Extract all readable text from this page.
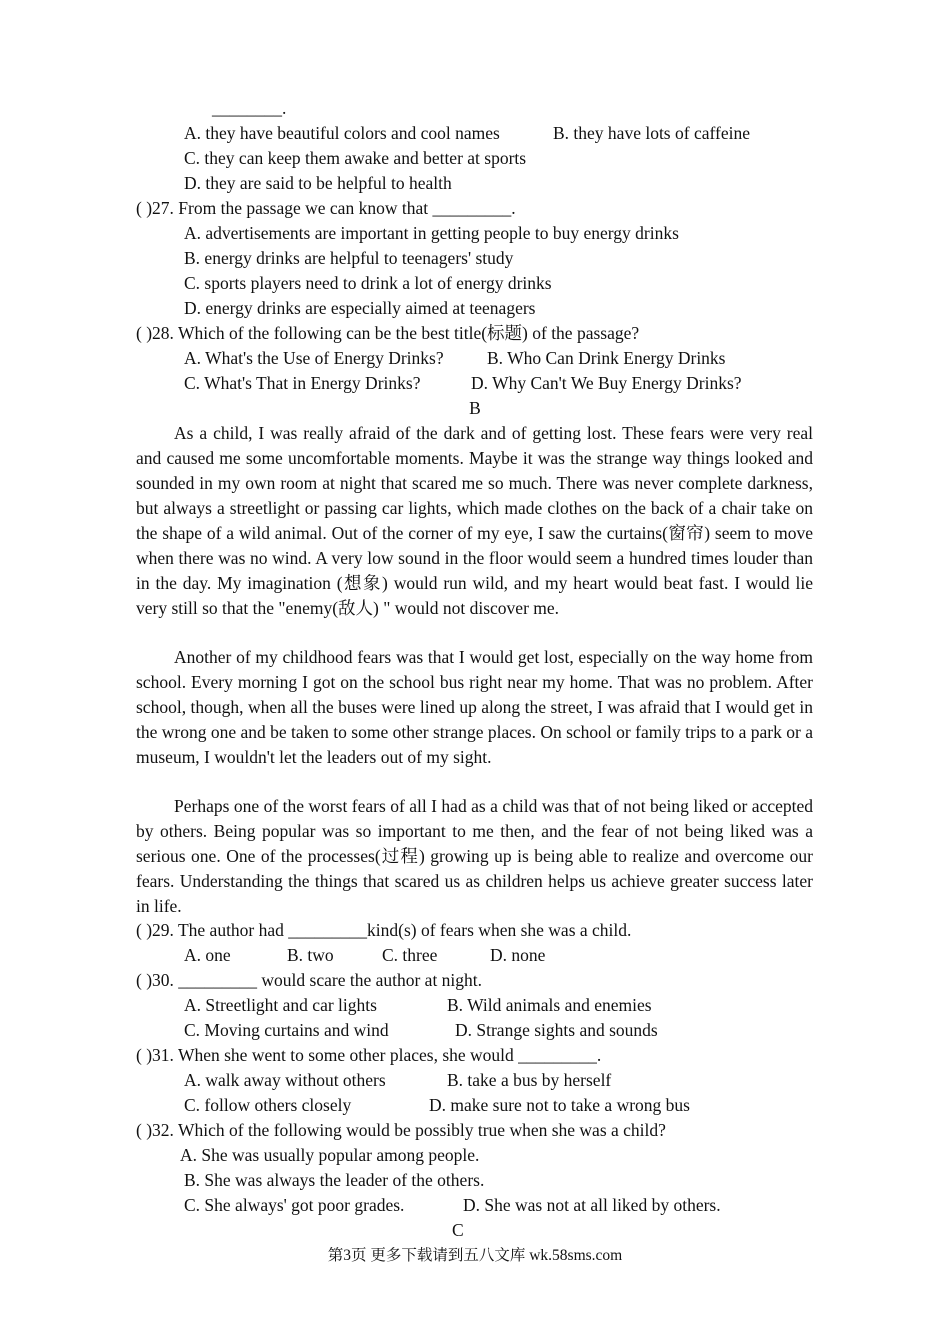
________.
A. they have beautiful colors and cool names	B. they have lots of caffeine
C. they can keep them awake and better at sports
D. they are said to be helpful to health
( )27. From the passage we can know that _________.
A. advertisements are important in getting people to buy energy drinks
B. energy drinks are helpful to teenagers' study
C. sports players need to drink a lot of energy drinks
D. energy drinks are especially aimed at teenagers
( )28. Which of the following can be the best title(标题) of the passage?
A. What's the Use of Energy Drinks? B. Who Can Drink Energy Drinks
C. What's That in Energy Drinks?	D. Why Can't We Buy Energy Drinks?
B

As a child, I was really afraid of the dark and of getting lost. These fears were very real and caused me some uncomfortable moments. Maybe it was the strange way things looked and sounded in my own room at night that scared me so much. There was never complete darkness, but always a streetlight or passing car lights, which made clothes on the back of a chair take on the shape of a wild animal. Out of the corner of my eye, I saw the curtains(窗帘) seem to move when there was no wind. A very low sound in the floor would seem a hundred times louder than in the day. My imagination (想象) would run wild, and my heart would beat fast. I would lie very still so that the "enemy(敌人) " would not discover me.

Another of my childhood fears was that I would get lost, especially on the way home from school. Every morning I got on the school bus right near my home. That was no problem. After school, though, when all the buses were lined up along the street, I was afraid that I would get in the wrong one and be taken to some other strange places. On school or family trips to a park or a museum, I wouldn't let the leaders out of my sight.

Perhaps one of the worst fears of all I had as a child was that of not being liked or accepted by others. Being popular was so important to me then, and the fear of not being liked was a serious one. One of the processes(过程) growing up is being able to realize and overcome our fears. Understanding the things that scared us as children helps us achieve greater success later in life.

( )29. The author had _________kind(s) of fears when she was a child.
A. one	B. two	C. three	D. none
( )30. _________ would scare the author at night.
A. Streetlight and car lights	B. Wild animals and enemies
C. Moving curtains and wind	D. Strange sights and sounds
( )31. When she went to some other places, she would _________.
A. walk away without others	B. take a bus by herself
C. follow others closely	D. make sure not to take a wrong bus
( )32. Which of the following would be possibly true when she was a child?
A. She was usually popular among people.
B. She was always the leader of the others.
C. She always' got poor grades.	D. She was not at all liked by others.
C
第3页 更多下载请到五八文库 wk.58sms.com
